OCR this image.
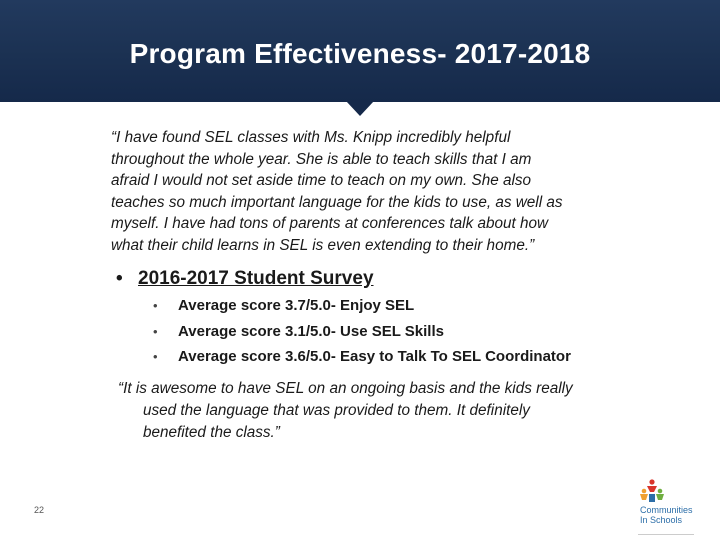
Program Effectiveness- 2017-2018
“I have found SEL classes with Ms. Knipp incredibly helpful
throughout the whole year. She is able to teach skills that I am
afraid I would not set aside time to teach on my own. She also
teaches so much important language for the kids to use, as well as
myself. I have had tons of parents at conferences talk about how
what their child learns in SEL is even extending to their home.”
• 2016-2017 Student Survey
• Average score 3.7/5.0- Enjoy SEL
• Average score 3.1/5.0- Use SEL Skills
• Average score 3.6/5.0- Easy to Talk To SEL Coordinator
“It is awesome to have SEL on an ongoing basis and the kids really
used the language that was provided to them. It definitely
benefited the class.”
22	Communities
In Schools
